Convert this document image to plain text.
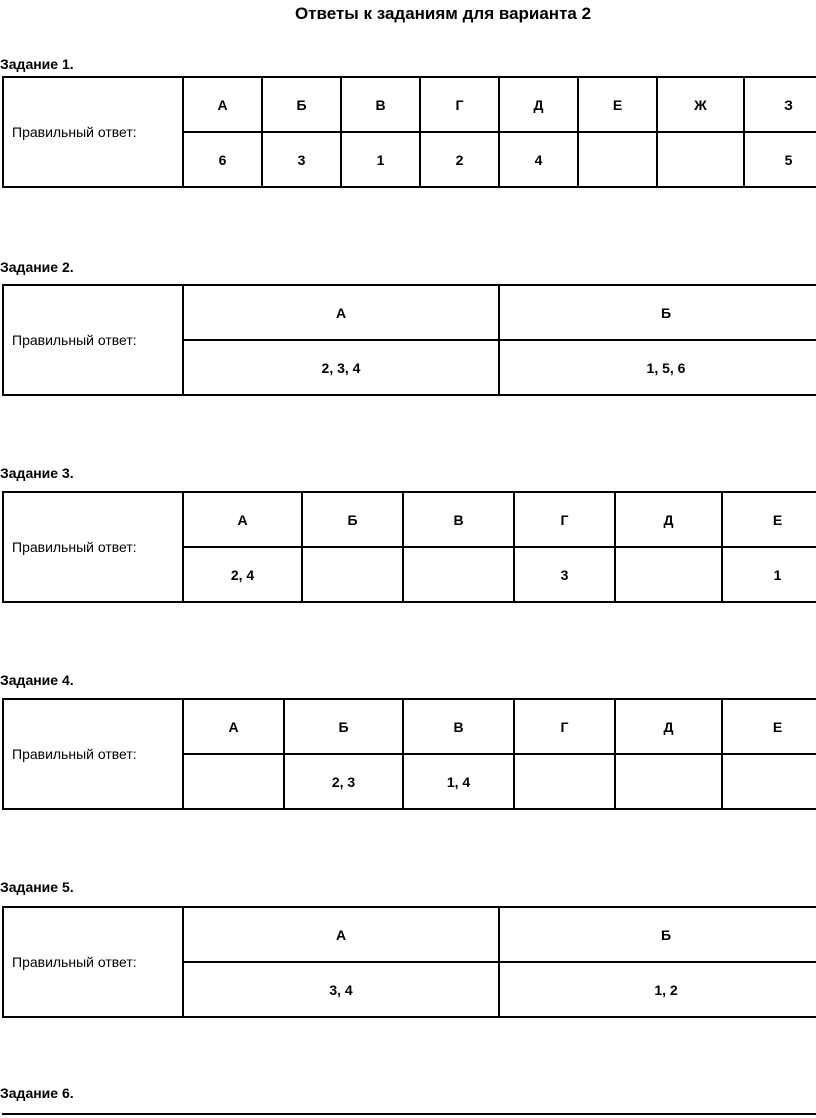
Ответы к заданиям для варианта 2
Задание 1.
Правильный ответ:	А	Б	В	Г	Д	Е	Ж	З
	6	3	1	2	4			5
Задание 2.
Правильный ответ:	А	Б
	2, 3, 4	1, 5, 6
Задание 3.
Правильный ответ:	А	Б	В	Г	Д	Е
	2, 4			3		1
Задание 4.
Правильный ответ:	А	Б	В	Г	Д	Е
		2, 3	1, 4			
Задание 5.
Правильный ответ:	А	Б
	3, 4	1, 2
Задание 6.
